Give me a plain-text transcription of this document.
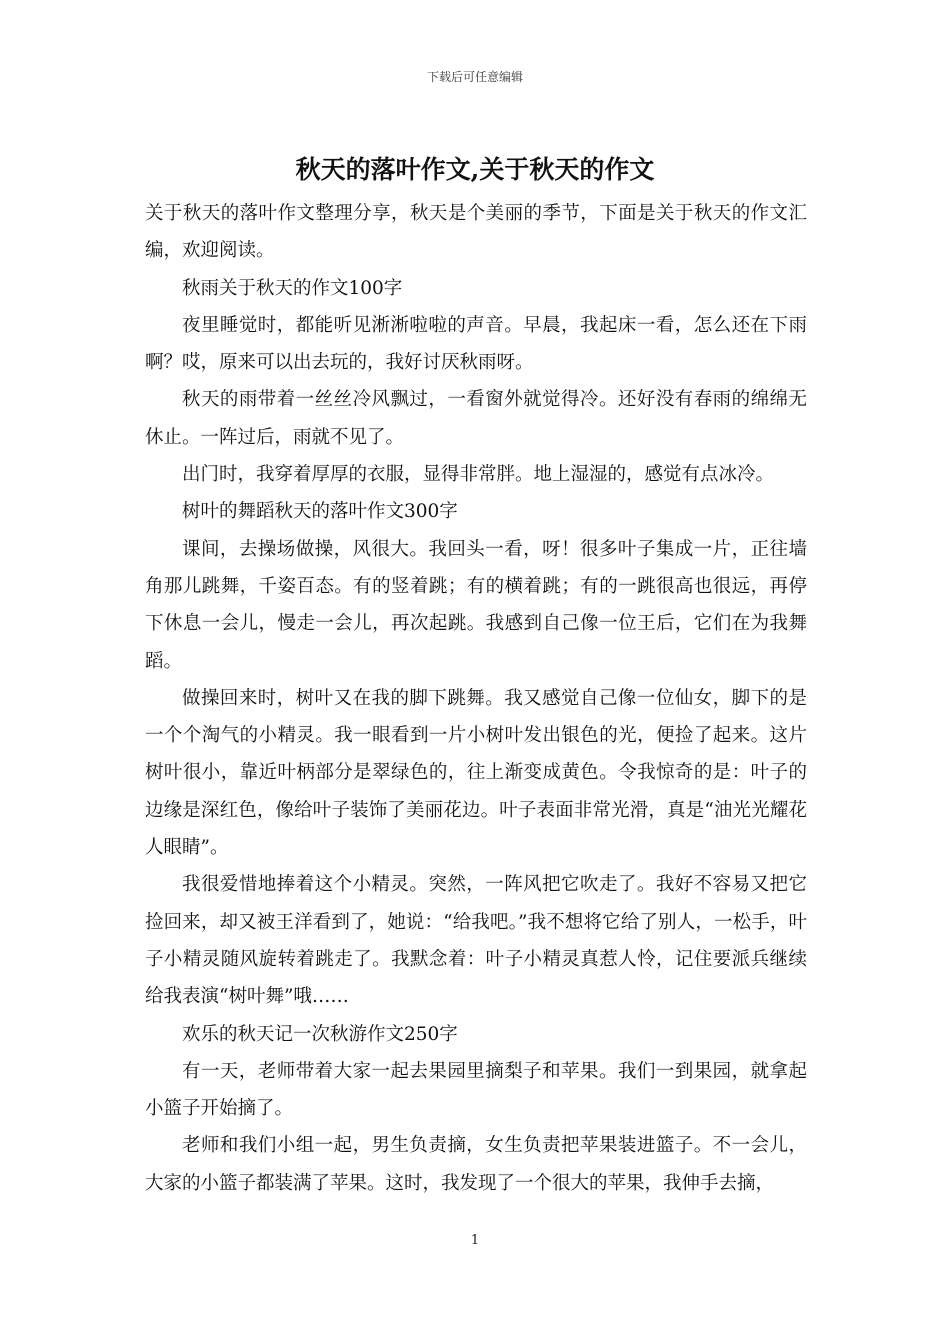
下载后可任意编辑
秋天的落叶作文,关于秋天的作文

关于秋天的落叶作文整理分享，秋天是个美丽的季节，下面是关于秋天的作文汇编，欢迎阅读。

秋雨关于秋天的作文100字

夜里睡觉时，都能听见淅淅啦啦的声音。早晨，我起床一看，怎么还在下雨啊？哎，原来可以出去玩的，我好讨厌秋雨呀。

秋天的雨带着一丝丝冷风飘过，一看窗外就觉得冷。还好没有春雨的绵绵无休止。一阵过后，雨就不见了。

出门时，我穿着厚厚的衣服，显得非常胖。地上湿湿的，感觉有点冰冷。

树叶的舞蹈秋天的落叶作文300字

课间，去操场做操，风很大。我回头一看，呀！很多叶子集成一片，正往墙角那儿跳舞，千姿百态。有的竖着跳；有的横着跳；有的一跳很高也很远，再停下休息一会儿，慢走一会儿，再次起跳。我感到自己像一位王后，它们在为我舞蹈。

做操回来时，树叶又在我的脚下跳舞。我又感觉自己像一位仙女，脚下的是一个个淘气的小精灵。我一眼看到一片小树叶发出银色的光，便捡了起来。这片树叶很小，靠近叶柄部分是翠绿色的，往上渐变成黄色。令我惊奇的是：叶子的边缘是深红色，像给叶子装饰了美丽花边。叶子表面非常光滑，真是“油光光耀花人眼睛”。

我很爱惜地捧着这个小精灵。突然，一阵风把它吹走了。我好不容易又把它捡回来，却又被王洋看到了，她说：“给我吧。”我不想将它给了别人，一松手，叶子小精灵随风旋转着跳走了。我默念着：叶子小精灵真惹人怜，记住要派兵继续给我表演“树叶舞”哦……

欢乐的秋天记一次秋游作文250字

有一天，老师带着大家一起去果园里摘梨子和苹果。我们一到果园，就拿起小篮子开始摘了。

老师和我们小组一起，男生负责摘，女生负责把苹果装进篮子。不一会儿，大家的小篮子都装满了苹果。这时，我发现了一个很大的苹果，我伸手去摘，

1
